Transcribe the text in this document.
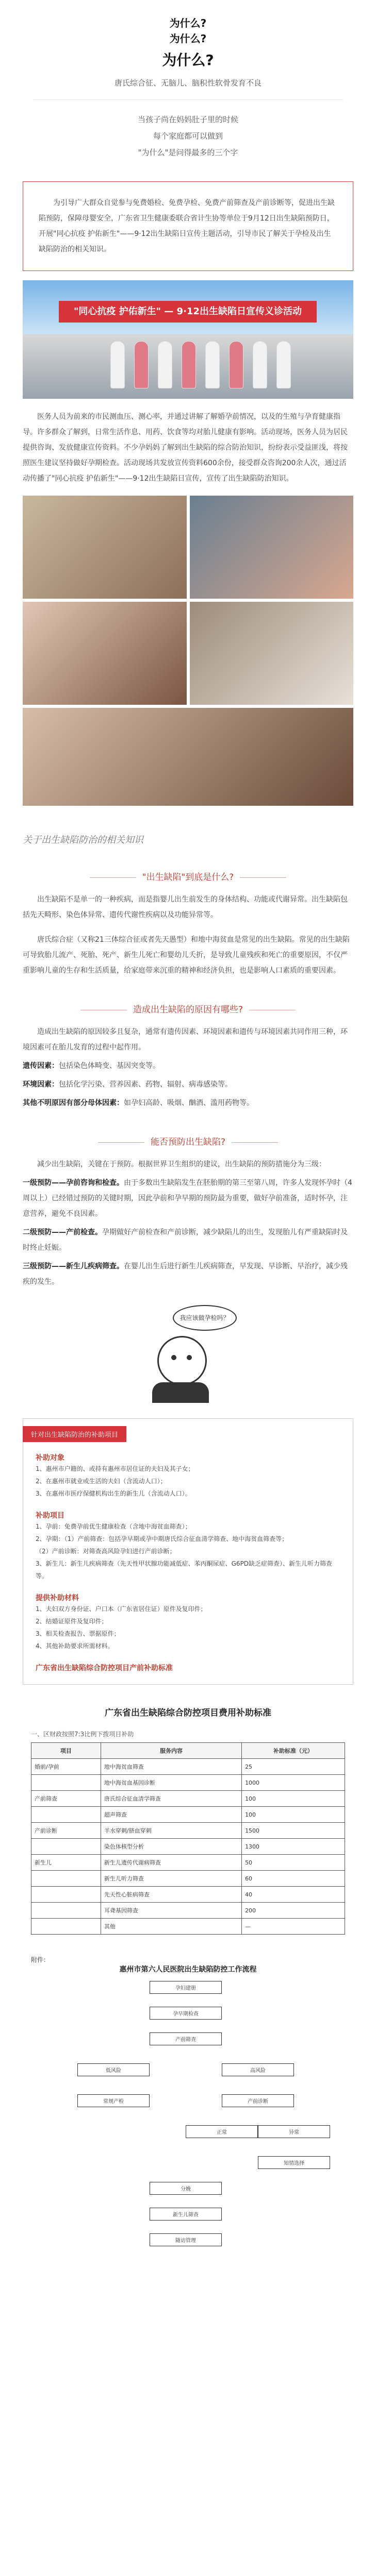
为什么?
为什么?
为什么?
唐氏综合征、无脑儿、脑积性软骨发育不良
当孩子尚在妈妈肚子里的时候
每个家庭都可以做到
"为什么"是问得最多的三个字
为引导广大群众自觉参与免费婚检、免费孕检、免费产前筛查及产前诊断等，促进出生缺陷预防，保障母婴安全，广东省卫生健康委联合省计生协等单位于9月12日出生缺陷预防日，开展"同心抗疫 护佑新生"——9·12出生缺陷日宣传主题活动，引导市民了解关于孕检及出生缺陷防治的相关知识。
"同心抗疫 护佑新生" — 9·12出生缺陷日宣传义诊活动
医务人员为前来的市民测血压、测心率，并通过讲解了解婚孕前情况，以及的生殖与孕育健康指导。许多群众了解到，日常生活作息、用药、饮食等均对胎儿健康有影响。活动现场，医务人员为居民提供咨询、发放健康宣传资料。不少孕妈妈了解到出生缺陷的综合防治知识，纷纷表示受益匪浅，将按照医生建议坚持做好孕期检查。活动现场共发放宣传资料600余份，接受群众咨询200余人次，通过活动传播了"同心抗疫 护佑新生"——9·12出生缺陷日宣传，宣传了出生缺陷防治知识。
关于出生缺陷防治的相关知识
"出生缺陷"到底是什么?
出生缺陷不是单一的一种疾病，而是指婴儿出生前发生的身体结构、功能或代谢异常。出生缺陷包括先天畸形、染色体异常、遗传代谢性疾病以及功能异常等。
唐氏综合症（又称21三体综合征或者先天愚型）和地中海贫血是常见的出生缺陷。常见的出生缺陷可导致胎儿流产、死胎、死产、新生儿死亡和婴幼儿夭折，是导致儿童残疾和死亡的重要原因，不仅严重影响儿童的生存和生活质量，给家庭带来沉重的精神和经济负担，也是影响人口素质的重要因素。
造成出生缺陷的原因有哪些?
造成出生缺陷的原因较多且复杂，通常有遗传因素、环境因素和遗传与环境因素共同作用三种，环境因素可在胎儿发育的过程中起作用。
遗传因素：包括染色体畸变、基因突变等。
环境因素：包括化学污染、营养因素、药物、辐射、病毒感染等。
其他不明原因有部分母体因素：如孕妇高龄、吸烟、酗酒、滥用药物等。
能否预防出生缺陷?
减少出生缺陷，关键在于预防。根据世界卫生组织的建议，出生缺陷的预防措施分为三级：
一级预防——孕前咨询和检查。由于多数出生缺陷发生在胚胎期的第三至第八周，许多人发现怀孕时（4周以上）已经错过预防的关键时期，因此孕前和孕早期的预防最为重要，做好孕前准备，适时怀孕，注意营养，避免不良因素。
二级预防——产前检查。孕期做好产前检查和产前诊断，减少缺陷儿的出生，发现胎儿有严重缺陷时及时终止妊娠。
三级预防——新生儿疾病筛查。在婴儿出生后进行新生儿疾病筛查，早发现、早诊断、早治疗，减少残疾的发生。
我应该做孕检吗？
针对出生缺陷防治的补助项目
补助对象
1、惠州市户籍的、或持有惠州市居住证的夫妇及其子女；
2、在惠州市就业或生活的夫妇（含流动人口）；
3、在惠州市医疗保健机构出生的新生儿（含流动人口）。
补助项目
1、孕前：免费孕前优生健康检查（含地中海贫血筛查）；
2、孕期：（1）产前筛查：包括孕早期或孕中期唐氏综合征血清学筛查、地中海贫血筛查等；
（2）产前诊断：对筛查高风险孕妇进行产前诊断；
3、新生儿：新生儿疾病筛查（先天性甲状腺功能减低症、苯丙酮尿症、G6PD缺乏症筛查）、新生儿听力筛查等。
提供补助材料
1、夫妇双方身份证、户口本（广东省居住证）原件及复印件；
2、结婚证原件及复印件；
3、相关检查报告、票据原件；
4、其他补助要求所需材料。
广东省出生缺陷综合防控项目产前补助标准
广东省出生缺陷综合防控项目费用补助标准
一、区财政按照7:3比例下拨项目补助
项目	服务内容	补助标准（元）
婚前/孕前	地中海贫血筛查	25
	地中海贫血基因诊断	1000
产前筛查	唐氏综合征血清学筛查	100
	超声筛查	100
产前诊断	羊水穿刺/脐血穿刺	1500
	染色体核型分析	1300
新生儿	新生儿遗传代谢病筛查	50
	新生儿听力筛查	60
	先天性心脏病筛查	40
	耳聋基因筛查	200
	其他	—
附件：
惠州市第六人民医院出生缺陷防控工作流程
孕妇建册
孕早期检查
产前筛查
低风险	高风险
常规产检	产前诊断
正常	异常
知情选择
分娩
新生儿筛查
随访管理
